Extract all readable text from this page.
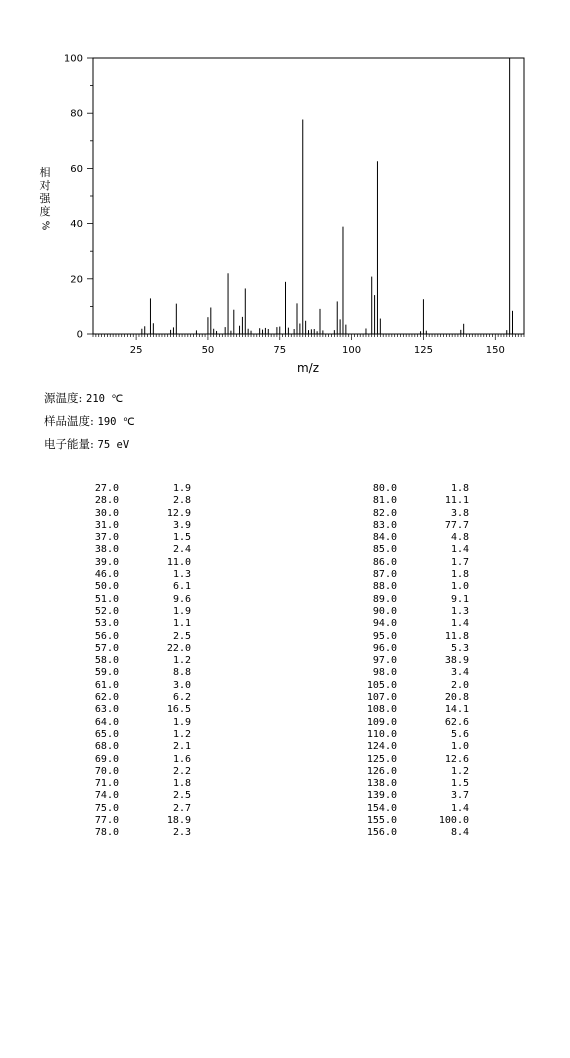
25	50	75	100	125	150
0
20
40
60
80
100
m/z
相
对
强
度
%
源温度: 210 ℃
样品温度: 190 ℃
电子能量: 75 eV
27.0	1.9
28.0	2.8
30.0	12.9
31.0	3.9
37.0	1.5
38.0	2.4
39.0	11.0
46.0	1.3
50.0	6.1
51.0	9.6
52.0	1.9
53.0	1.1
56.0	2.5
57.0	22.0
58.0	1.2
59.0	8.8
61.0	3.0
62.0	6.2
63.0	16.5
64.0	1.9
65.0	1.2
68.0	2.1
69.0	1.6
70.0	2.2
71.0	1.8
74.0	2.5
75.0	2.7
77.0	18.9
78.0	2.3
80.0	1.8
81.0	11.1
82.0	3.8
83.0	77.7
84.0	4.8
85.0	1.4
86.0	1.7
87.0	1.8
88.0	1.0
89.0	9.1
90.0	1.3
94.0	1.4
95.0	11.8
96.0	5.3
97.0	38.9
98.0	3.4
105.0	2.0
107.0	20.8
108.0	14.1
109.0	62.6
110.0	5.6
124.0	1.0
125.0	12.6
126.0	1.2
138.0	1.5
139.0	3.7
154.0	1.4
155.0	100.0
156.0	8.4
